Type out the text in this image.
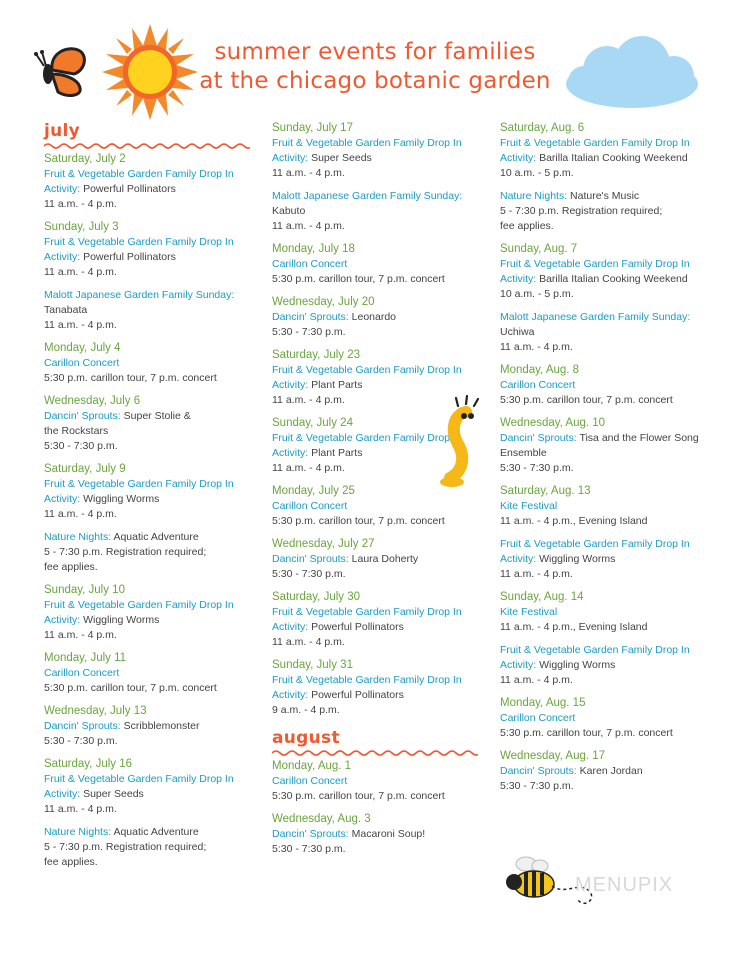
summer events for families
at the chicago botanic garden
july
Saturday, July 2
Fruit & Vegetable Garden Family Drop In
Activity: Powerful Pollinators
11 a.m. - 4 p.m.
Sunday, July 3
Fruit & Vegetable Garden Family Drop In
Activity: Powerful Pollinators
11 a.m. - 4 p.m.
Malott Japanese Garden Family Sunday:
Tanabata
11 a.m. - 4 p.m.
Monday, July 4
Carillon Concert
5:30 p.m. carillon tour, 7 p.m. concert
Wednesday, July 6
Dancin' Sprouts: Super Stolie &
the Rockstars
5:30 - 7:30 p.m.
Saturday, July 9
Fruit & Vegetable Garden Family Drop In
Activity: Wiggling Worms
11 a.m. - 4 p.m.
Nature Nights: Aquatic Adventure
5 - 7:30 p.m. Registration required;
fee applies.
Sunday, July 10
Fruit & Vegetable Garden Family Drop In
Activity: Wiggling Worms
11 a.m. - 4 p.m.
Monday, July 11
Carillon Concert
5:30 p.m. carillon tour, 7 p.m. concert
Wednesday, July 13
Dancin' Sprouts: Scribblemonster
5:30 - 7:30 p.m.
Saturday, July 16
Fruit & Vegetable Garden Family Drop In
Activity: Super Seeds
11 a.m. - 4 p.m.
Nature Nights: Aquatic Adventure
5 - 7:30 p.m. Registration required;
fee applies.
Sunday, July 17
Fruit & Vegetable Garden Family Drop In
Activity: Super Seeds
11 a.m. - 4 p.m.
Malott Japanese Garden Family Sunday:
Kabuto
11 a.m. - 4 p.m.
Monday, July 18
Carillon Concert
5:30 p.m. carillon tour, 7 p.m. concert
Wednesday, July 20
Dancin' Sprouts: Leonardo
5:30 - 7:30 p.m.
Saturday, July 23
Fruit & Vegetable Garden Family Drop In
Activity: Plant Parts
11 a.m. - 4 p.m.
Sunday, July 24
Fruit & Vegetable Garden Family Drop In
Activity: Plant Parts
11 a.m. - 4 p.m.
Monday, July 25
Carillon Concert
5:30 p.m. carillon tour, 7 p.m. concert
Wednesday, July 27
Dancin' Sprouts: Laura Doherty
5:30 - 7:30 p.m.
Saturday, July 30
Fruit & Vegetable Garden Family Drop In
Activity: Powerful Pollinators
11 a.m. - 4 p.m.
Sunday, July 31
Fruit & Vegetable Garden Family Drop In
Activity: Powerful Pollinators
9 a.m. - 4 p.m.
august
Monday, Aug. 1
Carillon Concert
5:30 p.m. carillon tour, 7 p.m. concert
Wednesday, Aug. 3
Dancin' Sprouts: Macaroni Soup!
5:30 - 7:30 p.m.
Saturday, Aug. 6
Fruit & Vegetable Garden Family Drop In
Activity: Barilla Italian Cooking Weekend
10 a.m. - 5 p.m.
Nature Nights: Nature's Music
5 - 7:30 p.m. Registration required;
fee applies.
Sunday, Aug. 7
Fruit & Vegetable Garden Family Drop In
Activity: Barilla Italian Cooking Weekend
10 a.m. - 5 p.m.
Malott Japanese Garden Family Sunday:
Uchiwa
11 a.m. - 4 p.m.
Monday, Aug. 8
Carillon Concert
5:30 p.m. carillon tour, 7 p.m. concert
Wednesday, Aug. 10
Dancin' Sprouts: Tisa and the Flower Song
Ensemble
5:30 - 7:30 p.m.
Saturday, Aug. 13
Kite Festival
11 a.m. - 4 p.m., Evening Island
Fruit & Vegetable Garden Family Drop In
Activity: Wiggling Worms
11 a.m. - 4 p.m.
Sunday, Aug. 14
Kite Festival
11 a.m. - 4 p.m., Evening Island
Fruit & Vegetable Garden Family Drop In
Activity: Wiggling Worms
11 a.m. - 4 p.m.
Monday, Aug. 15
Carillon Concert
5:30 p.m. carillon tour, 7 p.m. concert
Wednesday, Aug. 17
Dancin' Sprouts: Karen Jordan
5:30 - 7:30 p.m.
MENUPIX
